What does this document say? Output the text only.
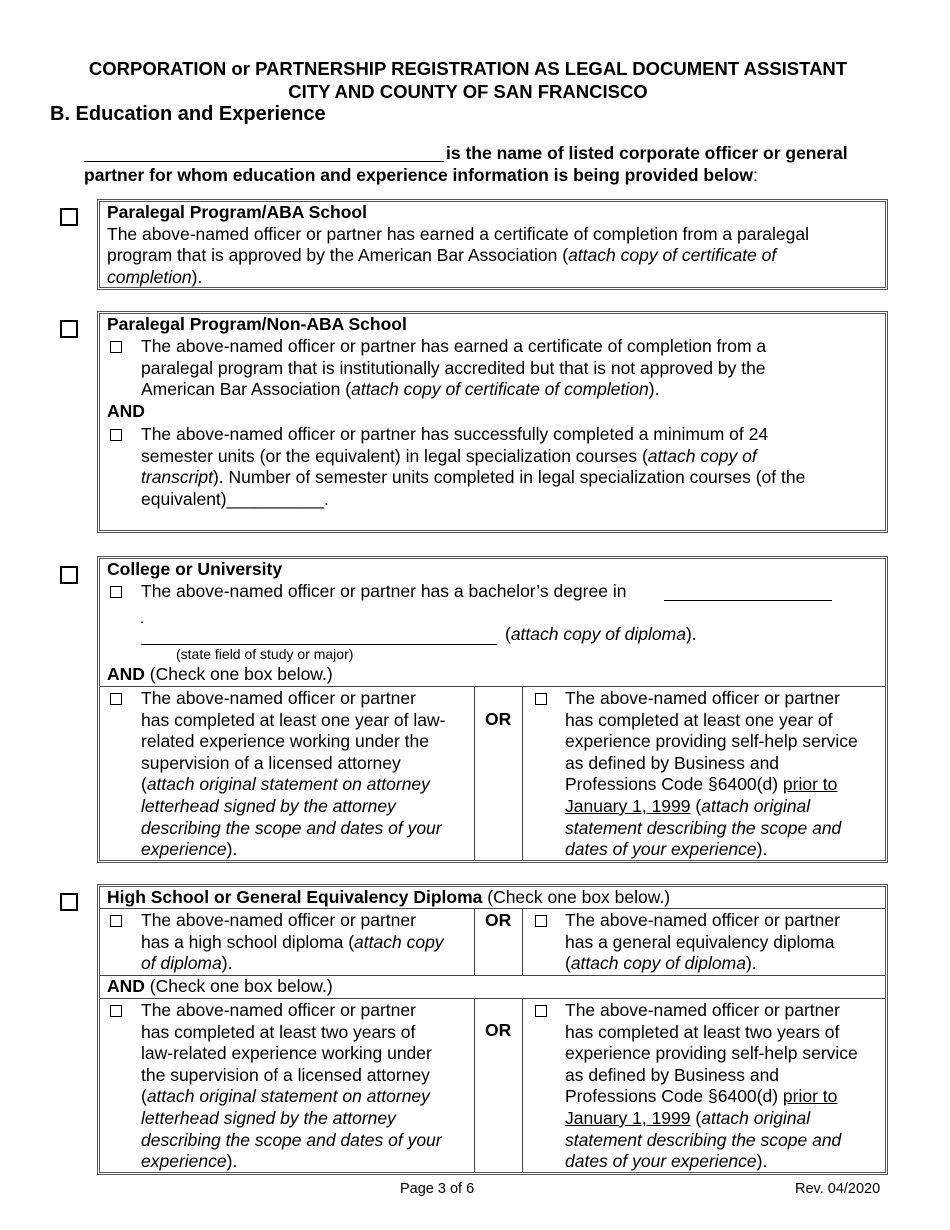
CORPORATION or PARTNERSHIP REGISTRATION AS LEGAL DOCUMENT ASSISTANT
CITY AND COUNTY OF SAN FRANCISCO
B. Education and Experience
is the name of listed corporate officer or general
partner for whom education and experience information is being provided below:
Paralegal Program/ABA School
The above-named officer or partner has earned a certificate of completion from a paralegal
program that is approved by the American Bar Association (attach copy of certificate of
completion).
Paralegal Program/Non-ABA School
The above-named officer or partner has earned a certificate of completion from a
paralegal program that is institutionally accredited but that is not approved by the
American Bar Association (attach copy of certificate of completion).
AND
The above-named officer or partner has successfully completed a minimum of 24
semester units (or the equivalent) in legal specialization courses (attach copy of
transcript). Number of semester units completed in legal specialization courses (of the
equivalent)__________.
College or University
The above-named officer or partner has a bachelor’s degree in
.
(attach copy of diploma).
(state field of study or major)
AND (Check one box below.)
The above-named officer or partner
has completed at least one year of law-
related experience working under the
supervision of a licensed attorney
(attach original statement on attorney
letterhead signed by the attorney
describing the scope and dates of your
experience).
OR
The above-named officer or partner
has completed at least one year of
experience providing self-help service
as defined by Business and
Professions Code §6400(d) prior to
January 1, 1999 (attach original
statement describing the scope and
dates of your experience).
High School or General Equivalency Diploma (Check one box below.)
The above-named officer or partner
has a high school diploma (attach copy
of diploma).
OR	The above-named officer or partner
has a general equivalency diploma
(attach copy of diploma).
AND (Check one box below.)
The above-named officer or partner
has completed at least two years of
law-related experience working under
the supervision of a licensed attorney
(attach original statement on attorney
letterhead signed by the attorney
describing the scope and dates of your
experience).
OR
The above-named officer or partner
has completed at least two years of
experience providing self-help service
as defined by Business and
Professions Code §6400(d) prior to
January 1, 1999 (attach original
statement describing the scope and
dates of your experience).
Page 3 of 6	Rev. 04/2020
